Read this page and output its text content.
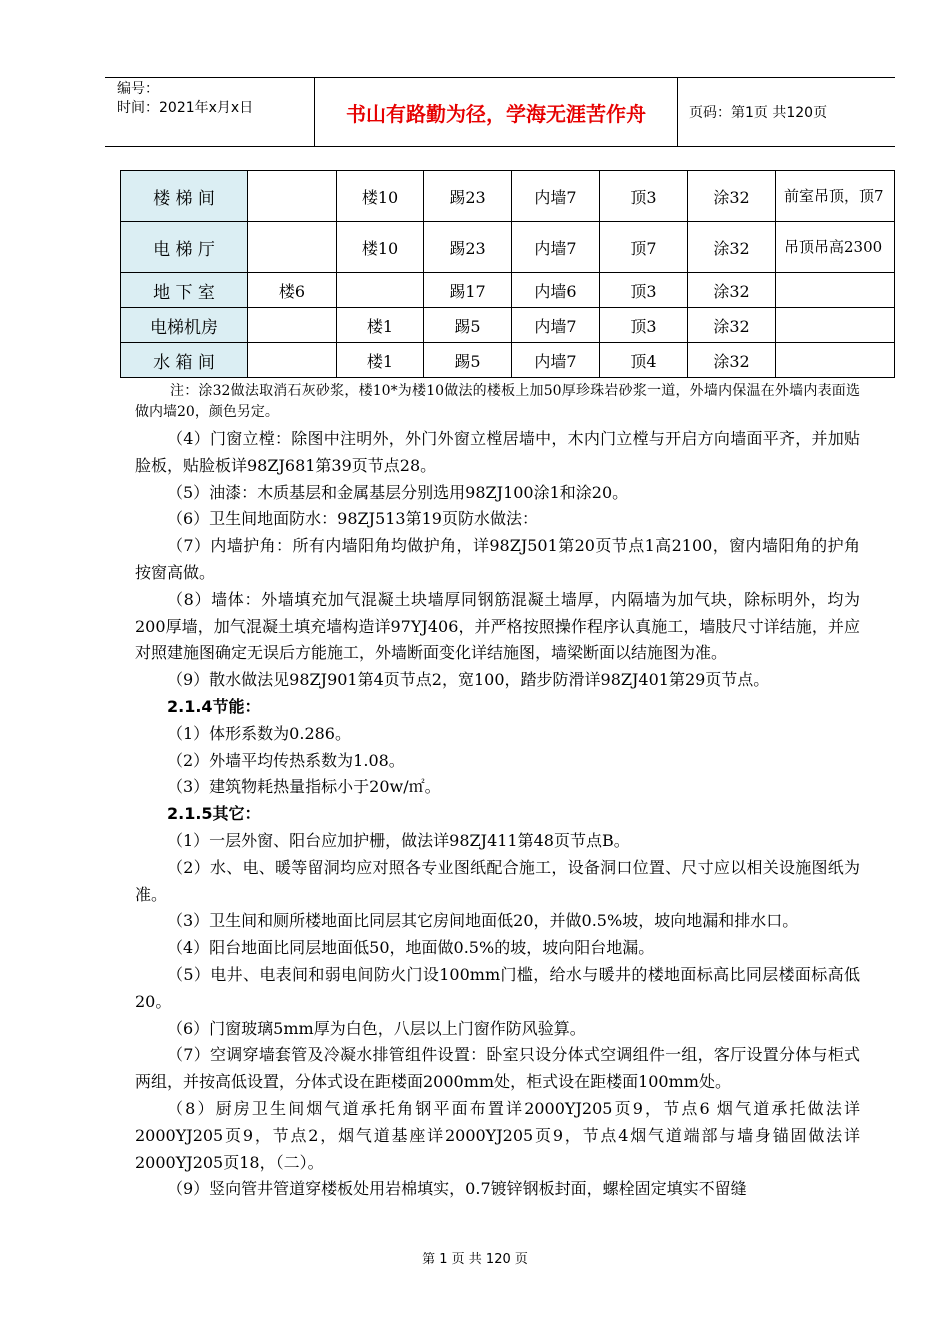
编号：
时间：2021年x月x日	书山有路勤为径，学海无涯苦作舟	页码：第1页 共120页
楼 梯 间		楼10	踢23	内墙7	顶3	涂32	前室吊顶，顶7
电 梯 厅		楼10	踢23	内墙7	顶7	涂32	吊顶吊高2300
地 下 室	楼6		踢17	内墙6	顶3	涂32	
电梯机房		楼1	踢5	内墙7	顶3	涂32	
水 箱 间		楼1	踢5	内墙7	顶4	涂32	

注：涂32做法取消石灰砂浆，楼10*为楼10做法的楼板上加50厚珍珠岩砂浆一道，外墙内保温在外墙内表面选做内墙20，颜色另定。

（4）门窗立樘：除图中注明外，外门外窗立樘居墙中，木内门立樘与开启方向墙面平齐，并加贴脸板，贴脸板详98ZJ681第39页节点28。

（5）油漆：木质基层和金属基层分别选用98ZJ100涂1和涂20。

（6）卫生间地面防水：98ZJ513第19页防水做法：

（7）内墙护角：所有内墙阳角均做护角，详98ZJ501第20页节点1高2100，窗内墙阳角的护角按窗高做。

（8）墙体：外墙填充加气混凝土块墙厚同钢筋混凝土墙厚，内隔墙为加气块，除标明外，均为200厚墙，加气混凝土填充墙构造详97YJ406，并严格按照操作程序认真施工，墙肢尺寸详结施，并应对照建施图确定无误后方能施工，外墙断面变化详结施图，墙梁断面以结施图为准。

（9）散水做法见98ZJ901第4页节点2，宽100，踏步防滑详98ZJ401第29页节点。

2.1.4节能：

（1）体形系数为0.286。

（2）外墙平均传热系数为1.08。

（3）建筑物耗热量指标小于20w/㎡。

2.1.5其它：

（1）一层外窗、阳台应加护栅，做法详98ZJ411第48页节点B。

（2）水、电、暖等留洞均应对照各专业图纸配合施工，设备洞口位置、尺寸应以相关设施图纸为准。

（3）卫生间和厕所楼地面比同层其它房间地面低20，并做0.5%坡，坡向地漏和排水口。

（4）阳台地面比同层地面低50，地面做0.5%的坡，坡向阳台地漏。

（5）电井、电表间和弱电间防火门设100mm门槛，给水与暖井的楼地面标高比同层楼面标高低20。

（6）门窗玻璃5mm厚为白色，八层以上门窗作防风验算。

（7）空调穿墙套管及冷凝水排管组件设置：卧室只设分体式空调组件一组，客厅设置分体与柜式两组，并按高低设置，分体式设在距楼面2000mm处，柜式设在距楼面100mm处。

（8）厨房卫生间烟气道承托角钢平面布置详2000YJ205页9，节点6 烟气道承托做法详2000YJ205页9，节点2，烟气道基座详2000YJ205页9，节点4烟气道端部与墙身锚固做法详2000YJ205页18，（二）。

（9）竖向管井管道穿楼板处用岩棉填实，0.7镀锌钢板封面，螺栓固定填实不留缝

第 1 页 共 120 页
